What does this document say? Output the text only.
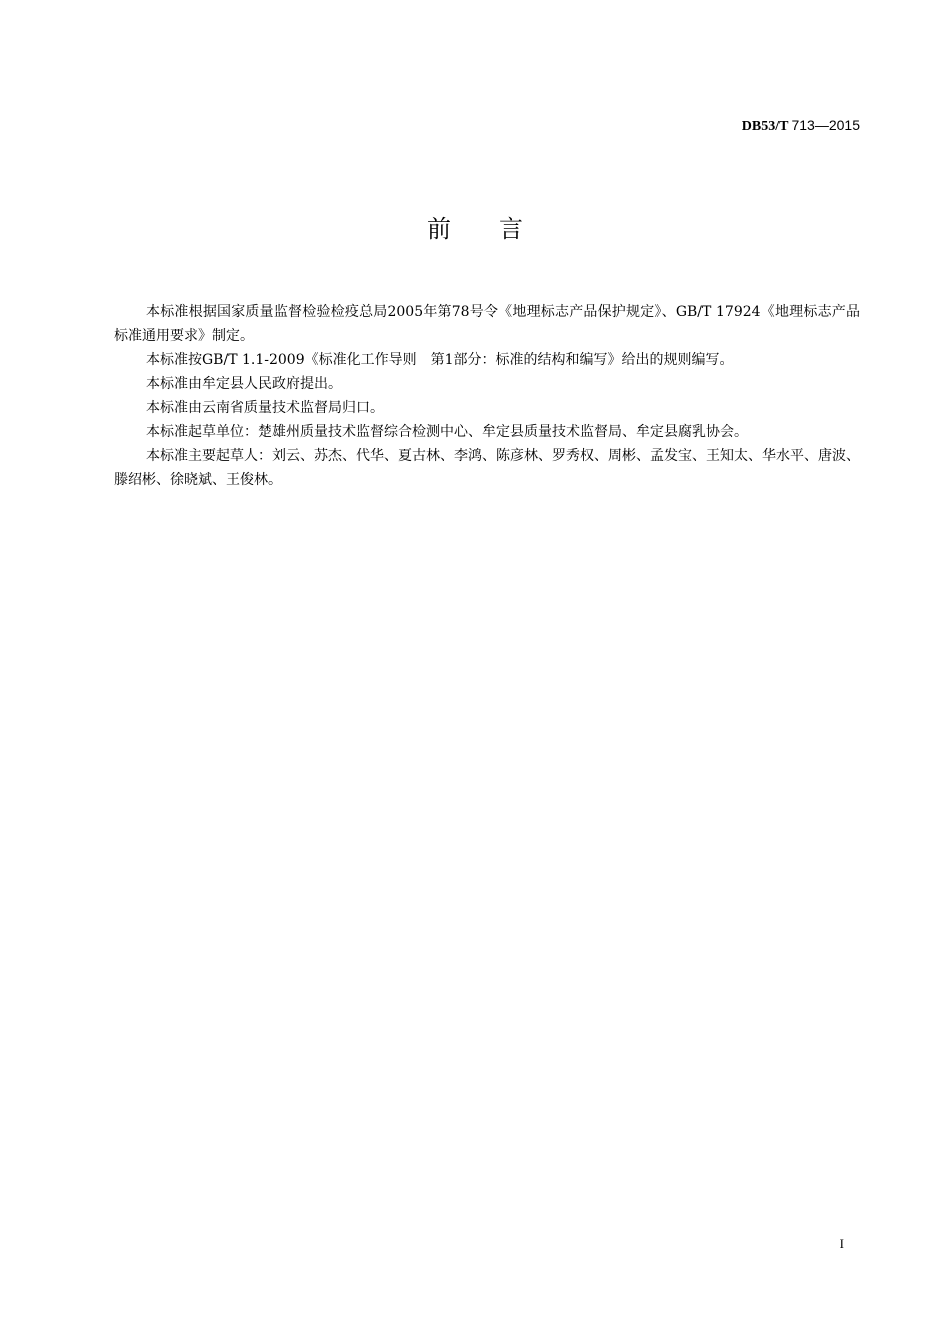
DB53/T 713—2015
前言

本标准根据国家质量监督检验检疫总局2005年第78号令《地理标志产品保护规定》、GB/T 17924《地理标志产品标准通用要求》制定。

本标准按GB/T 1.1-2009《标准化工作导则　第1部分：标准的结构和编写》给出的规则编写。

本标准由牟定县人民政府提出。

本标准由云南省质量技术监督局归口。

本标准起草单位：楚雄州质量技术监督综合检测中心、牟定县质量技术监督局、牟定县腐乳协会。

本标准主要起草人：刘云、苏杰、代华、夏古林、李鸿、陈彦林、罗秀权、周彬、孟发宝、王知太、华水平、唐波、滕绍彬、徐晓斌、王俊林。

I
